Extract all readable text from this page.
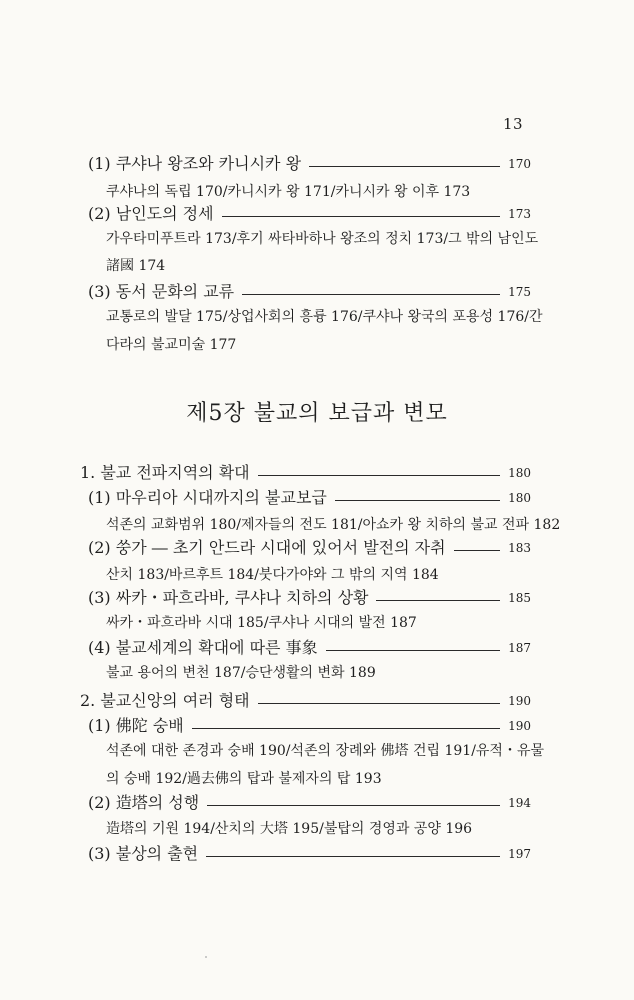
13
(1) 쿠샤나 왕조와 카니시카 왕	170
쿠샤나의 독립 170/카니시카 왕 171/카니시카 왕 이후 173
(2) 남인도의 정세	173
가우타미푸트라 173/후기 싸타바하나 왕조의 정치 173/그 밖의 남인도
諸國 174
(3) 동서 문화의 교류	175
교통로의 발달 175/상업사회의 흥륭 176/쿠샤나 왕국의 포용성 176/간
다라의 불교미술 177
제5장 불교의 보급과 변모
1. 불교 전파지역의 확대	180
(1) 마우리아 시대까지의 불교보급	180
석존의 교화범위 180/제자들의 전도 181/아쇼카 왕 치하의 불교 전파 182
(2) 쑹가 ― 초기 안드라 시대에 있어서 발전의 자취	183
산치 183/바르후트 184/붓다가야와 그 밖의 지역 184
(3) 싸카・파흐라바, 쿠샤나 치하의 상황	185
싸카・파흐라바 시대 185/쿠샤나 시대의 발전 187
(4) 불교세계의 확대에 따른 事象	187
불교 용어의 변천 187/승단생활의 변화 189
2. 불교신앙의 여러 형태	190
(1) 佛陀 숭배	190
석존에 대한 존경과 숭배 190/석존의 장례와 佛塔 건립 191/유적・유물
의 숭배 192/過去佛의 탑과 불제자의 탑 193
(2) 造塔의 성행	194
造塔의 기원 194/산치의 大塔 195/불탑의 경영과 공양 196
(3) 불상의 출현	197
